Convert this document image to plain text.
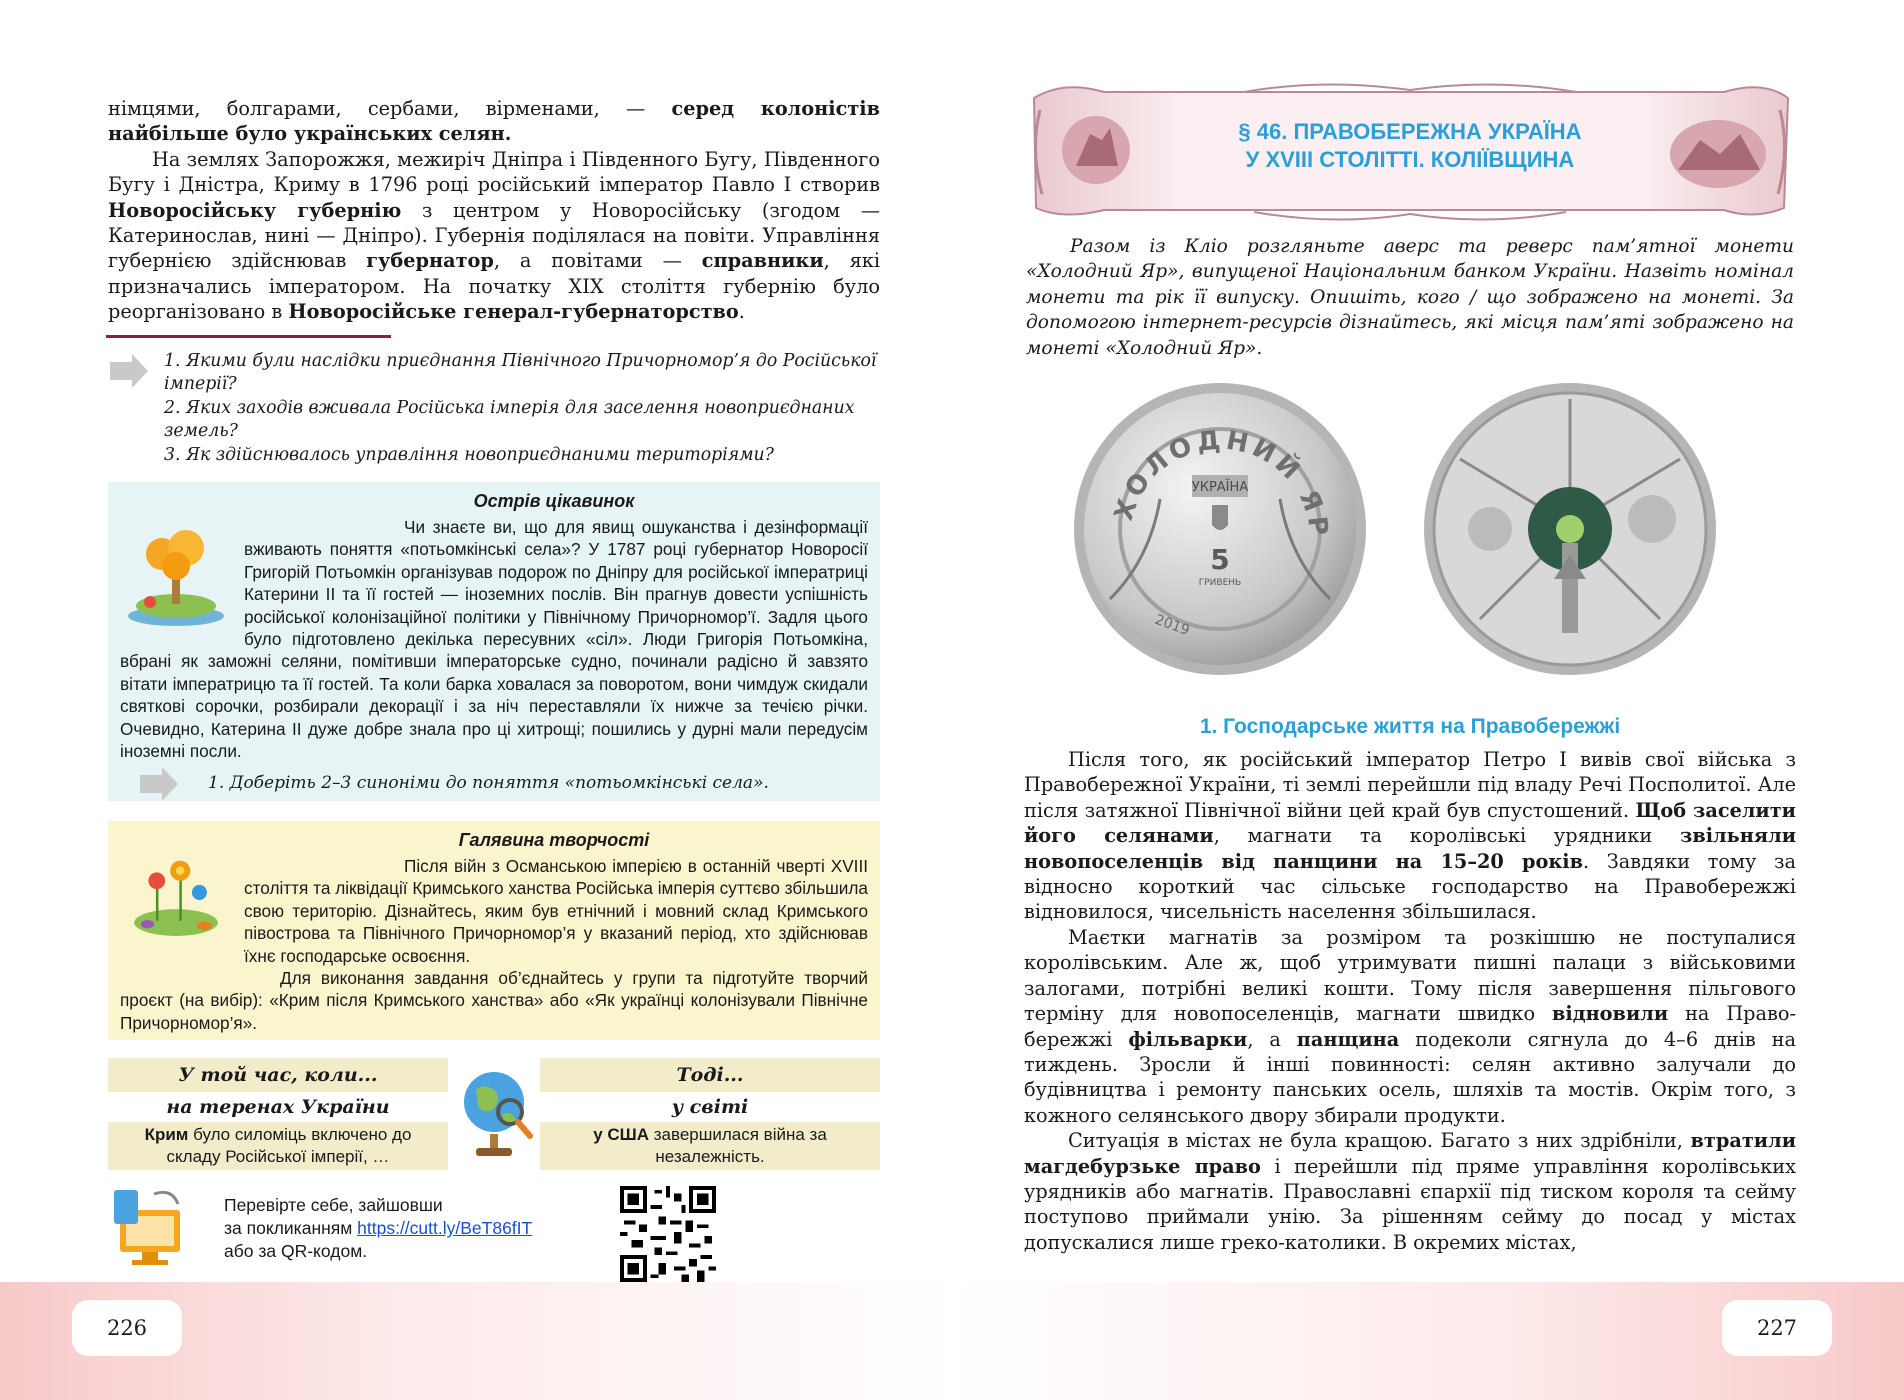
226	227

німцями, болгарами, сербами, вірменами, — серед колоністів найбільше було українських селян.

На землях Запорожжя, межиріч Дніпра і Південного Бугу, Південного Бугу і Дністра, Криму в 1796 році російський імператор Павло І створив Новоросійську губернію з центром у Новоросійську (згодом — Катеринослав, нині — Дніпро). Губернія поділялася на повіти. Управління губернією здійснював губернатор, а повітами — справники, які призначались імператором. На початку XIX століття губернію було реорганізовано в Новоросійське генерал-губернаторство.

1. Якими були наслідки приєднання Північного Причорномор’я до Російської імперії?
2. Яких заходів вживала Російська імперія для заселення новоприєднаних земель?
3. Як здійснювалось управління новоприєднаними територіями?
Острів цікавинок
Чи знаєте ви, що для явищ ошуканства і дезінформації вживають поняття «потьомкінські села»? У 1787 році губернатор Новоросії Григорій Потьомкін організував подорож по Дніпру для російської імператриці Катерини ІІ та її гостей — іноземних послів. Він прагнув довести успішність російської колонізаційної політики у Північному Причорномор’ї. Задля цього було підготовлено декілька пересувних «сіл». Люди Григорія Потьомкіна, вбрані як заможні селяни, помітивши імператорське судно, починали радісно й завзято вітати імператрицю та її гостей. Та коли барка ховалася за поворотом, вони чимдуж скидали святкові сорочки, розбирали декорації і за ніч переставляли їх нижче за течією річки. Очевидно, Катерина ІІ дуже добре знала про ці хитрощі; пошились у дурні мали передусім іноземні посли.
1. Доберіть 2–3 синоніми до поняття «потьомкінські села».
Галявина творчості
Після війн з Османською імперією в останній чверті XVIII століття та ліквідації Кримського ханства Російська імперія суттєво збільшила свою територію. Дізнайтесь, яким був етнічний і мовний склад Кримського півострова та Північного Причорномор’я у вказаний період, хто здійснював їхнє господарське освоєння.
Для виконання завдання об’єднайтесь у групи та підготуйте творчий проєкт (на вибір): «Крим після Кримського ханства» або «Як українці колонізували Північне Причорномор’я».
У той час, коли...
на теренах України
Крим було силоміць включено до складу Російської імперії, …
Тоді...
у світі
у США завершилася війна за незалежність.
Перевірте себе, зайшовши
за покликанням https://cutt.ly/BeT86fIT
або за QR-кодом.
§ 46. ПРАВОБЕРЕЖНА УКРАЇНА
У XVIII СТОЛІТТІ. КОЛІЇВЩИНА
Разом із Кліо розгляньте аверс та реверс пам’ятної монети «Холодний Яр», випущеної Національним банком України. Назвіть номінал монети та рік її випуску. Опишіть, кого / що зображено на монеті. За допомогою інтернет-ресурсів дізнайтесь, які місця пам’яті зображено на монеті «Холодний Яр».
ХОЛОДНИЙ ЯР
УКРАЇНА
5
ГРИВЕНЬ
2019
1. Господарське життя на Правобережжі

Після того, як російський імператор Петро І вивів свої війська з Правобережної України, ті землі перейшли під владу Речі Посполитої. Але після затяжної Північної війни цей край був спустошений. Щоб заселити його селянами, магнати та королівські урядники звільняли новопоселенців від панщини на 15–20 років. Завдяки тому за відносно короткий час сільське господарство на Правобережжі відновилося, чисельність населення збільшилася.

Маєтки магнатів за розміром та розкішшю не поступалися королівським. Але ж, щоб утримувати пишні палаци з військовими залогами, потрібні великі кошти. Тому після завершення пільгового терміну для новопоселенців, магнати швидко відновили на Правобережжі фільварки, а панщина подеколи сягнула до 4–6 днів на тиждень. Зросли й інші повинності: селян активно залучали до будівництва і ремонту панських осель, шляхів та мостів. Окрім того, з кожного селянського двору збирали продукти.

Ситуація в містах не була кращою. Багато з них здрібніли, втратили магдебурзьке право і перейшли під пряме управління королівських урядників або магнатів. Православні єпархії під тиском короля та сейму поступово приймали унію. За рішенням сейму до посад у містах допускалися лише греко-католики. В окремих містах,
